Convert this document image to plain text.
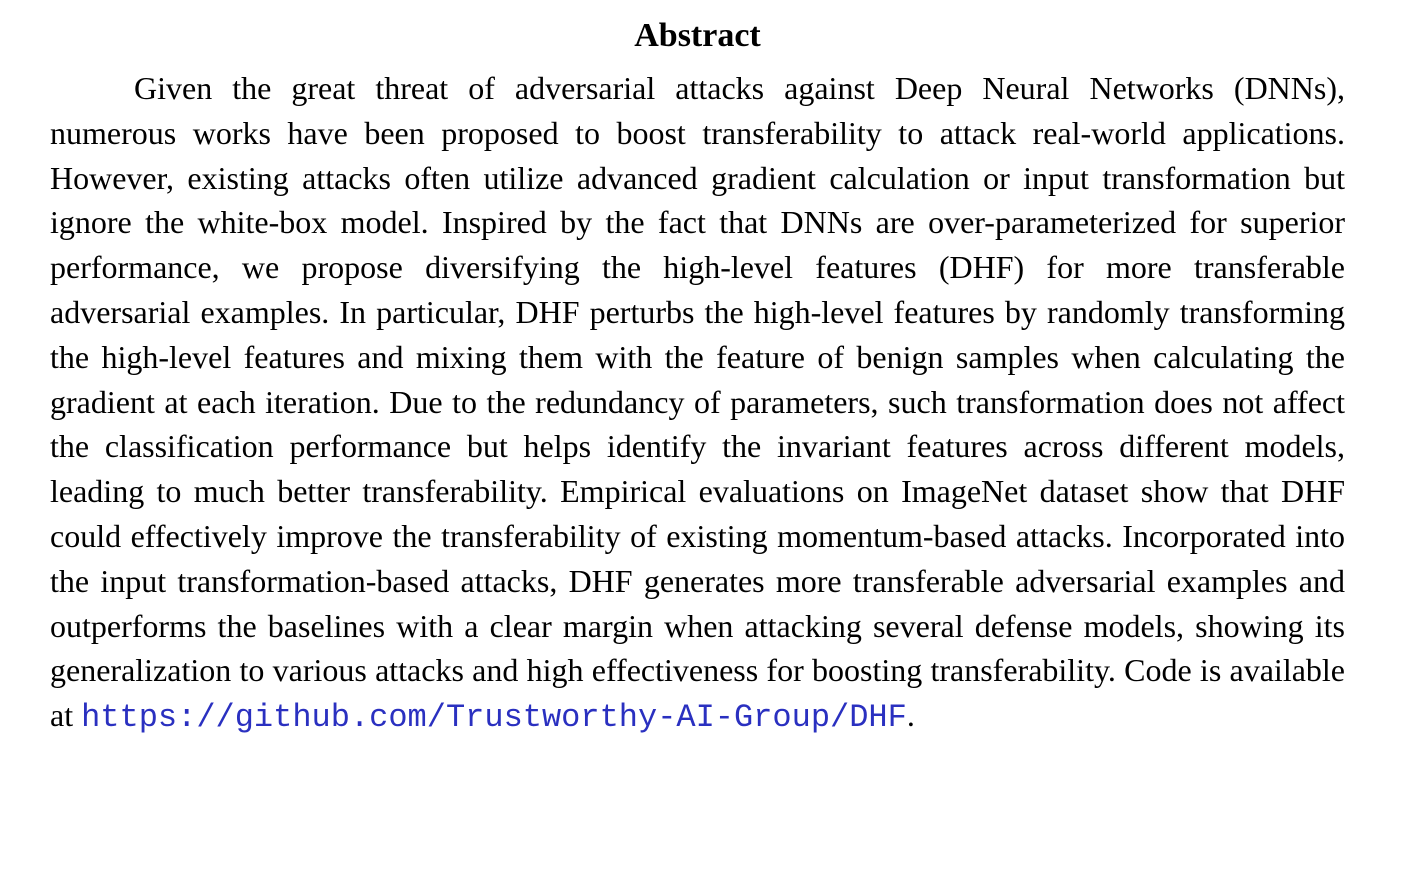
Abstract

Given the great threat of adversarial attacks against Deep Neural Networks (DNNs), numerous works have been proposed to boost transferability to attack real-world applications. However, existing attacks often utilize advanced gradient calculation or input transformation but ignore the white-box model. Inspired by the fact that DNNs are over-parameterized for superior performance, we propose diversifying the high-level features (DHF) for more transferable adversarial examples. In particular, DHF perturbs the high-level features by randomly transforming the high-level features and mixing them with the feature of benign samples when calculating the gradient at each iteration. Due to the redundancy of parameters, such transformation does not affect the classification performance but helps identify the invariant features across different models, leading to much better transferability. Empirical evaluations on ImageNet dataset show that DHF could effectively improve the transferability of existing momentum-based attacks. Incorporated into the input transformation-based attacks, DHF generates more transferable adversarial examples and outperforms the baselines with a clear margin when attacking several defense models, showing its generalization to various attacks and high effectiveness for boosting transferability. Code is available at https://github.com/Trustworthy-AI-Group/DHF.
